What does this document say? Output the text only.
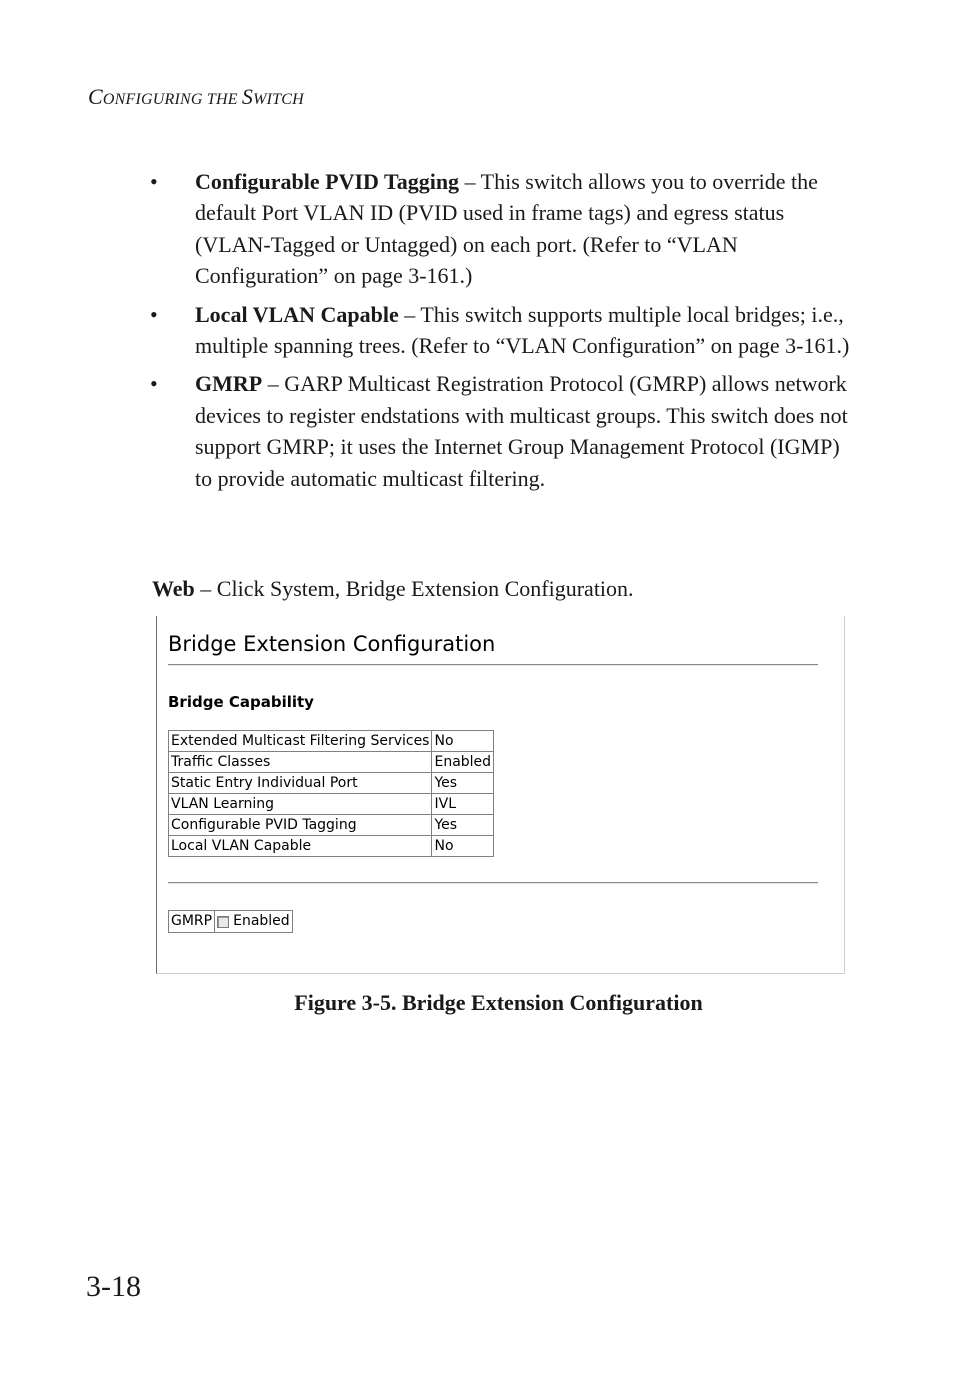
CONFIGURING THE SWITCH
• Configurable PVID Tagging – This switch allows you to override the default Port VLAN ID (PVID used in frame tags) and egress status (VLAN-Tagged or Untagged) on each port. (Refer to “VLAN Configuration” on page 3-161.)
• Local VLAN Capable – This switch supports multiple local bridges; i.e., multiple spanning trees. (Refer to “VLAN Configuration” on page 3-161.)
• GMRP – GARP Multicast Registration Protocol (GMRP) allows network devices to register endstations with multicast groups. This switch does not support GMRP; it uses the Internet Group Management Protocol (IGMP) to provide automatic multicast filtering.
Web – Click System, Bridge Extension Configuration.
Bridge Extension Configuration
Bridge Capability
Extended Multicast Filtering Services	No
Traffic Classes	Enabled
Static Entry Individual Port	Yes
VLAN Learning	IVL
Configurable PVID Tagging	Yes
Local VLAN Capable	No
GMRP Enabled
Figure 3-5. Bridge Extension Configuration
3-18
